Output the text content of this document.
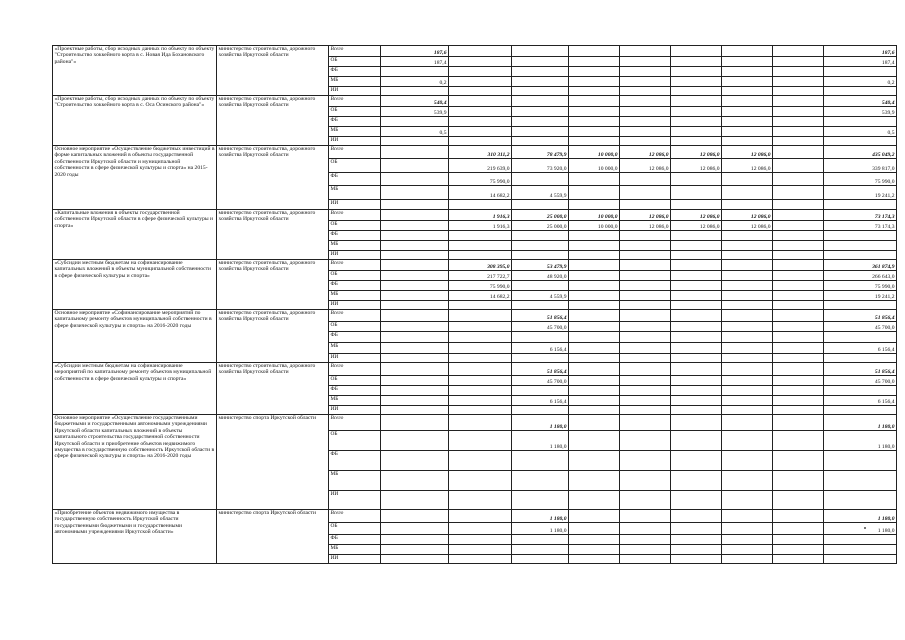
«Проектные работы, сбор исходных данных по объекту по объекту "Строительство хоккейного корта в с. Новая Ида Бохановского района"»	министерство строительства, дорожного хозяйства Иркутской области	Всего	187,6								187,6
		ОБ	187,4								187,4
		ФБ									
		МБ	0,2								0,2
		ИИ									
«Проектные работы, сбор исходных данных по объекту по объекту "Строительство хоккейного корта в с. Оса Осинского района"»	министерство строительства, дорожного хозяйства Иркутской области	Всего	540,4								540,4
		ОБ	539,9								539,9
		ФБ									
		МБ	0,5								0,5
		ИИ									
Основное мероприятие «Осуществление бюджетных инвестиций в форме капитальных вложений в объекты государственной собственности Иркутской области и муниципальной собственности в сфере физической культуры и спорта» на 2015-2020 годы	министерство строительства, дорожного хозяйства Иркутской области	Всего		310 311,2	78 479,9	10 000,0	12 086,0	12 086,0	12 086,0		435 049,2
		ОБ		219 639,0	73 920,0	10 000,0	12 086,0	12 086,0	12 086,0		339 817,0
		ФБ		75 990,0							75 990,0
		МБ		14 682,2	4 559,9						19 241,2
		ИИ									
«Капитальные вложения в объекты государственной собственности Иркутской области в сфере физической культуры и спорта»	министерство строительства, дорожного хозяйства Иркутской области	Всего		1 916,3	25 000,0	10 000,0	12 086,0	12 086,0	12 086,0		73 174,3
		ОБ		1 916,3	25 000,0	10 000,0	12 086,0	12 086,0	12 086,0		73 174,3
		ФБ									
		МБ									
		ИИ									
«Субсидии местным бюджетам на софинансирование капитальных вложений в объекты муниципальной собственности в сфере физической культуры и спорта»	министерство строительства, дорожного хозяйства Иркутской области	Всего		308 395,0	53 479,9						361 874,9
		ОБ		217 722,7	48 920,0						266 643,0
		ФБ		75 990,0							75 990,0
		МБ		14 682,2	4 559,9						19 241,2
		ИИ									
Основное мероприятие «Софинансирование мероприятий по капитальному ремонту объектов муниципальной собственности в сфере физической культуры и спорта» на 2016-2020 годы	министерство строительства, дорожного хозяйства Иркутской области	Всего			51 856,4						51 856,4
		ОБ			45 700,0						45 700,0
		ФБ									
		МБ			6 156,4						6 156,4
		ИИ									
«Субсидии местным бюджетам на софинансирование мероприятий по капитальному ремонту объектов муниципальной собственности в сфере физической культуры и спорта»	министерство строительства, дорожного хозяйства Иркутской области	Всего			51 856,4						51 856,4
		ОБ			45 700,0						45 700,0
		ФБ									
		МБ			6 156,4						6 156,4
		ИИ									
Основное мероприятие «Осуществление государственными бюджетными и государственными автономными учреждениями Иркутской области капитальных вложений в объекты капитального строительства государственной собственности Иркутской области и приобретение объектов недвижимого имущества в государственную собственность Иркутской области в сфере физической культуры и спорта» на 2016-2020 годы	министерство спорта Иркутской области	Всего			1 180,0						1 180,0
		ОБ			1 180,0						1 180,0
		ФБ									
		МБ									
		ИИ									
«Приобретение объектов недвижимого имущества в государственную собственность Иркутской области государственными бюджетными и государственными автономными учреждениями Иркутской области»	министерство спорта Иркутской области	Всего			1 180,0						1 180,0
		ОБ			1 180,0						1 180,0
		ФБ									
		МБ									
		ИИ									
